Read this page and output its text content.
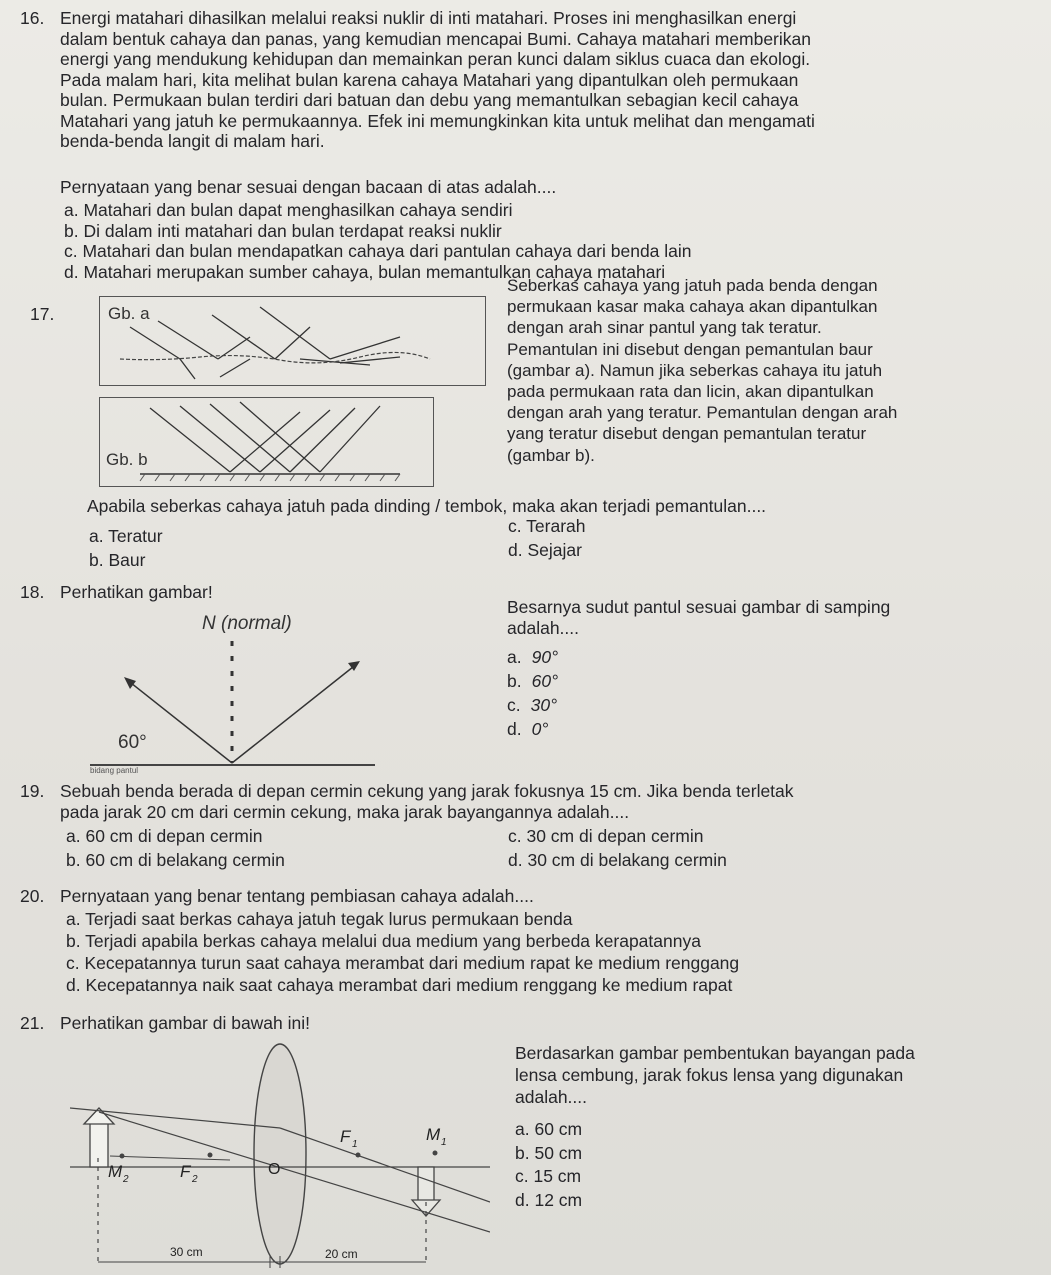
16. Energi matahari dihasilkan melalui reaksi nuklir di inti matahari. Proses ini menghasilkan energi
dalam bentuk cahaya dan panas, yang kemudian mencapai Bumi. Cahaya matahari memberikan
energi yang mendukung kehidupan dan memainkan peran kunci dalam siklus cuaca dan ekologi.
Pada malam hari, kita melihat bulan karena cahaya Matahari yang dipantulkan oleh permukaan
bulan. Permukaan bulan terdiri dari batuan dan debu yang memantulkan sebagian kecil cahaya
Matahari yang jatuh ke permukaannya. Efek ini memungkinkan kita untuk melihat dan mengamati
benda-benda langit di malam hari.
Pernyataan yang benar sesuai dengan bacaan di atas adalah....
a. Matahari dan bulan dapat menghasilkan cahaya sendiri
b. Di dalam inti matahari dan bulan terdapat reaksi nuklir
c. Matahari dan bulan mendapatkan cahaya dari pantulan cahaya dari benda lain
d. Matahari merupakan sumber cahaya, bulan memantulkan cahaya matahari
17.	Gb. a
Gb. b
Seberkas cahaya yang jatuh pada benda dengan
permukaan kasar maka cahaya akan dipantulkan
dengan arah sinar pantul yang tak teratur.
Pemantulan ini disebut dengan pemantulan baur
(gambar a). Namun jika seberkas cahaya itu jatuh
pada permukaan rata dan licin, akan dipantulkan
dengan arah yang teratur. Pemantulan dengan arah
yang teratur disebut dengan pemantulan teratur
(gambar b).
Apabila seberkas cahaya jatuh pada dinding / tembok, maka akan terjadi pemantulan....
a. Teratur
b. Baur
c. Terarah
d. Sejajar
18. Perhatikan gambar!
N (normal)
60°
bidang pantul
Besarnya sudut pantul sesuai gambar di samping
adalah....
a. 90°
b. 60°
c. 30°
d. 0°
19. Sebuah benda berada di depan cermin cekung yang jarak fokusnya 15 cm. Jika benda terletak
pada jarak 20 cm dari cermin cekung, maka jarak bayangannya adalah....
a. 60 cm di depan cermin
b. 60 cm di belakang cermin
c. 30 cm di depan cermin
d. 30 cm di belakang cermin
20. Pernyataan yang benar tentang pembiasan cahaya adalah....
a. Terjadi saat berkas cahaya jatuh tegak lurus permukaan benda
b. Terjadi apabila berkas cahaya melalui dua medium yang berbeda kerapatannya
c. Kecepatannya turun saat cahaya merambat dari medium rapat ke medium renggang
d. Kecepatannya naik saat cahaya merambat dari medium renggang ke medium rapat
21. Perhatikan gambar di bawah ini!
F 1
M 1
M 2	F 2
O
30 cm	20 cm
Berdasarkan gambar pembentukan bayangan pada
lensa cembung, jarak fokus lensa yang digunakan
adalah....
a. 60 cm
b. 50 cm
c. 15 cm
d. 12 cm
